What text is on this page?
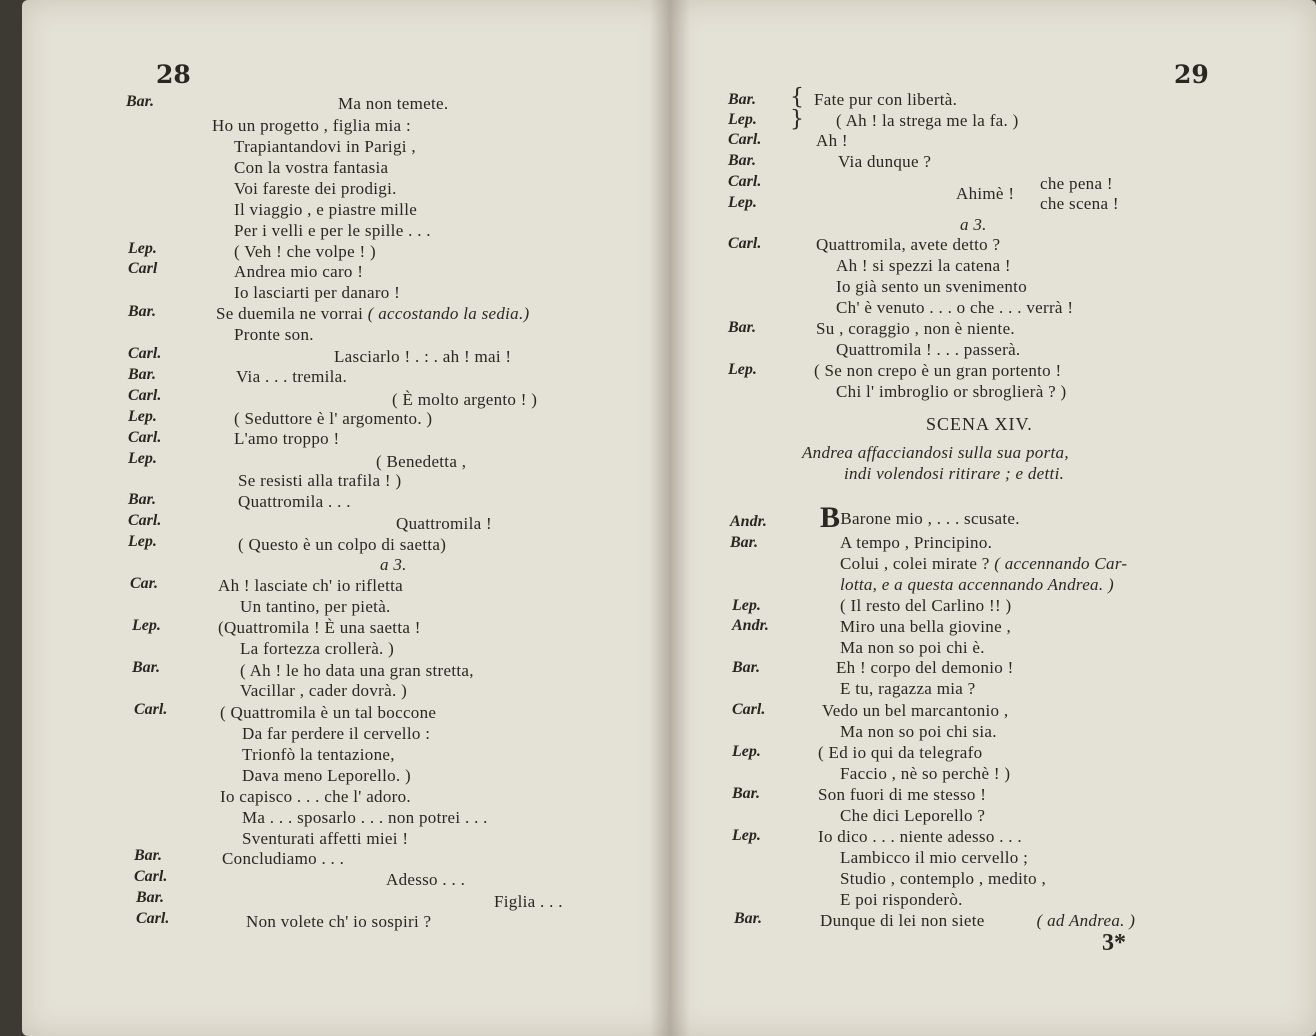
28
Bar.
Lep.
Carl
Bar.
Carl.
Bar.
Carl.
Lep.
Carl.
Lep.
Bar.
Carl.
Lep.
Car.
Lep.
Bar.
Carl.
Bar.
Carl.
Bar.
Carl.
Ma non temete.
Ho un progetto , figlia mia :
Trapiantandovi in Parigi ,
Con la vostra fantasia
Voi fareste dei prodigi.
Il viaggio , e piastre mille
Per i velli e per le spille . . .
( Veh ! che volpe ! )
Andrea mio caro !
Io lasciarti per danaro !
Se duemila ne vorrai ( accostando la sedia.)
Pronte son.
Lasciarlo ! . : . ah ! mai !
Via . . . tremila.
( È molto argento ! )
( Seduttore è l' argomento. )
L'amo troppo !
( Benedetta ,
Se resisti alla trafila ! )
Quattromila . . .
Quattromila !
( Questo è un colpo di saetta)
a 3.
Ah ! lasciate ch' io rifletta
Un tantino, per pietà.
(Quattromila ! È una saetta !
La fortezza crollerà. )
( Ah ! le ho data una gran stretta,
Vacillar , cader dovrà. )
( Quattromila è un tal boccone
Da far perdere il cervello :
Trionfò la tentazione,
Dava meno Leporello. )
Io capisco . . . che l' adoro.
Ma . . . sposarlo . . . non potrei . . .
Sventurati affetti miei !
Concludiamo . . .
Adesso . . .
Figlia . . .
Non volete ch' io sospiri ?
29
Bar.
Lep.
Carl.
Bar.
Carl.
Lep.
Carl.
Bar.
Lep.
Andr.
Bar.
Lep.
Andr.
Bar.
Carl.
Lep.
Bar.
Lep.
Bar.
{
}
Fate pur con libertà.
( Ah ! la strega me la fa. )
Ah !
Via dunque ?
Ahimè !
che pena !
che scena !
a 3.
Quattromila, avete detto ?
Ah ! si spezzi la catena !
Io già sento un svenimento
Ch' è venuto . . . o che . . . verrà !
Su , coraggio , non è niente.
Quattromila ! . . . passerà.
( Se non crepo è un gran portento !
Chi l' imbroglio or sbroglierà ? )
SCENA XIV.
Andrea affacciandosi sulla sua porta,
indi volendosi ritirare ; e detti.
BBarone mio , . . . scusate.
A tempo , Principino.
Colui , colei mirate ? ( accennando Car-
lotta, e a questa accennando Andrea. )
( Il resto del Carlino !! )
Miro una bella giovine ,
Ma non so poi chi è.
Eh ! corpo del demonio !
E tu, ragazza mia ?
Vedo un bel marcantonio ,
Ma non so poi chi sia.
( Ed io qui da telegrafo
Faccio , nè so perchè ! )
Son fuori di me stesso !
Che dici Leporello ?
Io dico . . . niente adesso . . .
Lambicco il mio cervello ;
Studio , contemplo , medito ,
E poi risponderò.
Dunque di lei non siete	( ad Andrea. )
3*
